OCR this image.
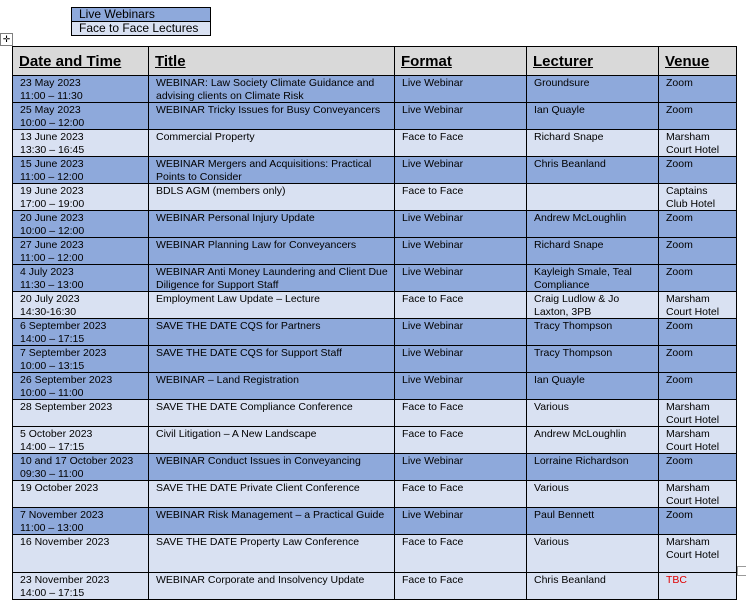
Live Webinars
Face to Face Lectures
✛
Date and Time	Title	Format	Lecturer	Venue
23 May 2023
11:00 – 11:30	WEBINAR: Law Society Climate Guidance and advising clients on Climate Risk	Live Webinar	Groundsure	Zoom
25 May 2023
10:00 – 12:00	WEBINAR Tricky Issues for Busy Conveyancers	Live Webinar	Ian Quayle	Zoom
13 June 2023
13:30 – 16:45	Commercial Property	Face to Face	Richard Snape	Marsham Court Hotel
15 June 2023
11:00 – 12:00	WEBINAR Mergers and Acquisitions: Practical Points to Consider	Live Webinar	Chris Beanland	Zoom
19 June 2023
17:00 – 19:00	BDLS AGM (members only)	Face to Face		Captains Club Hotel
20 June 2023
10:00 – 12:00	WEBINAR Personal Injury Update	Live Webinar	Andrew McLoughlin	Zoom
27 June 2023
11:00 – 12:00	WEBINAR Planning Law for Conveyancers	Live Webinar	Richard Snape	Zoom
4 July 2023
11:30 – 13:00	WEBINAR Anti Money Laundering and Client Due Diligence for Support Staff	Live Webinar	Kayleigh Smale, Teal Compliance	Zoom
20 July 2023
14:30-16:30	Employment Law Update – Lecture	Face to Face	Craig Ludlow & Jo Laxton, 3PB	Marsham Court Hotel
6 September 2023
14:00 – 17:15	SAVE THE DATE CQS for Partners	Live Webinar	Tracy Thompson	Zoom
7 September 2023
10:00 – 13:15	SAVE THE DATE CQS for Support Staff	Live Webinar	Tracy Thompson	Zoom
26 September 2023
10:00 – 11:00	WEBINAR – Land Registration	Live Webinar	Ian Quayle	Zoom
28 September 2023	SAVE THE DATE Compliance Conference	Face to Face	Various	Marsham Court Hotel
5 October 2023
14:00 – 17:15	Civil Litigation – A New Landscape	Face to Face	Andrew McLoughlin	Marsham Court Hotel
10 and 17 October 2023
09:30 – 11:00	WEBINAR Conduct Issues in Conveyancing	Live Webinar	Lorraine Richardson	Zoom
19 October 2023	SAVE THE DATE Private Client Conference	Face to Face	Various	Marsham Court Hotel
7 November 2023
11:00 – 13:00	WEBINAR Risk Management – a Practical Guide	Live Webinar	Paul Bennett	Zoom
16 November 2023	SAVE THE DATE Property Law Conference	Face to Face	Various	Marsham Court Hotel
23 November 2023
14:00 – 17:15	WEBINAR Corporate and Insolvency Update	Face to Face	Chris Beanland	TBC
